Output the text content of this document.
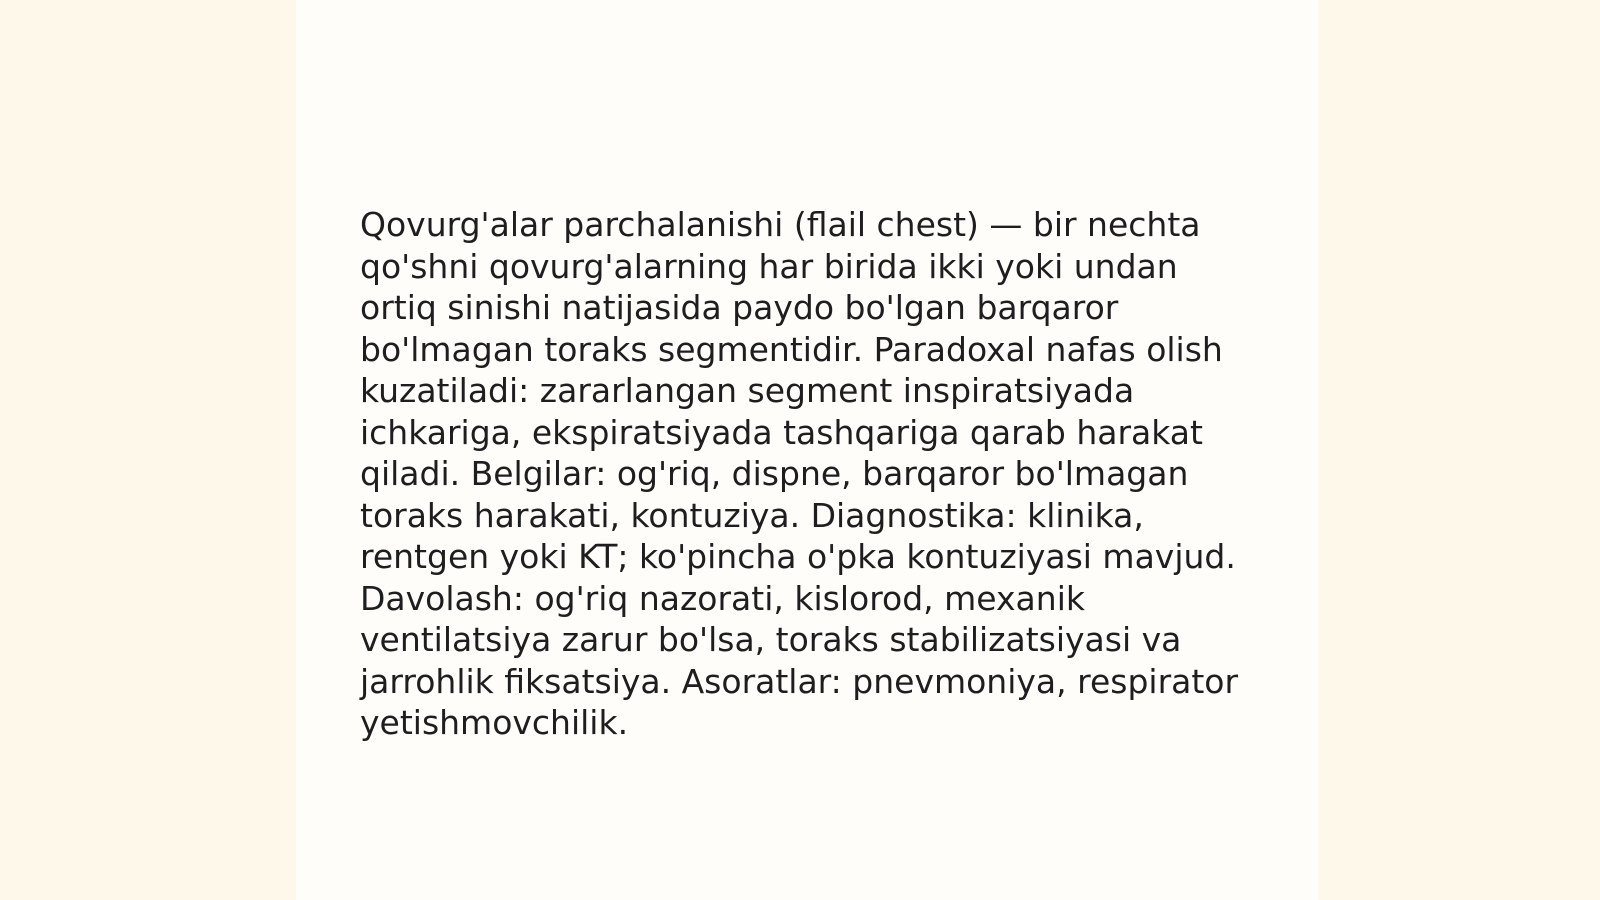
Qovurg'alar parchalanishi (flail chest) — bir nechta
qo'shni qovurg'alarning har birida ikki yoki undan
ortiq sinishi natijasida paydo bo'lgan barqaror
bo'lmagan toraks segmentidir. Paradoxal nafas olish
kuzatiladi: zararlangan segment inspiratsiyada
ichkariga, ekspiratsiyada tashqariga qarab harakat
qiladi. Belgilar: og'riq, dispne, barqaror bo'lmagan
toraks harakati, kontuziya. Diagnostika: klinika,
rentgen yoki KT; ko'pincha o'pka kontuziyasi mavjud.
Davolash: og'riq nazorati, kislorod, mexanik
ventilatsiya zarur bo'lsa, toraks stabilizatsiyasi va
jarrohlik fiksatsiya. Asoratlar: pnevmoniya, respirator
yetishmovchilik.
